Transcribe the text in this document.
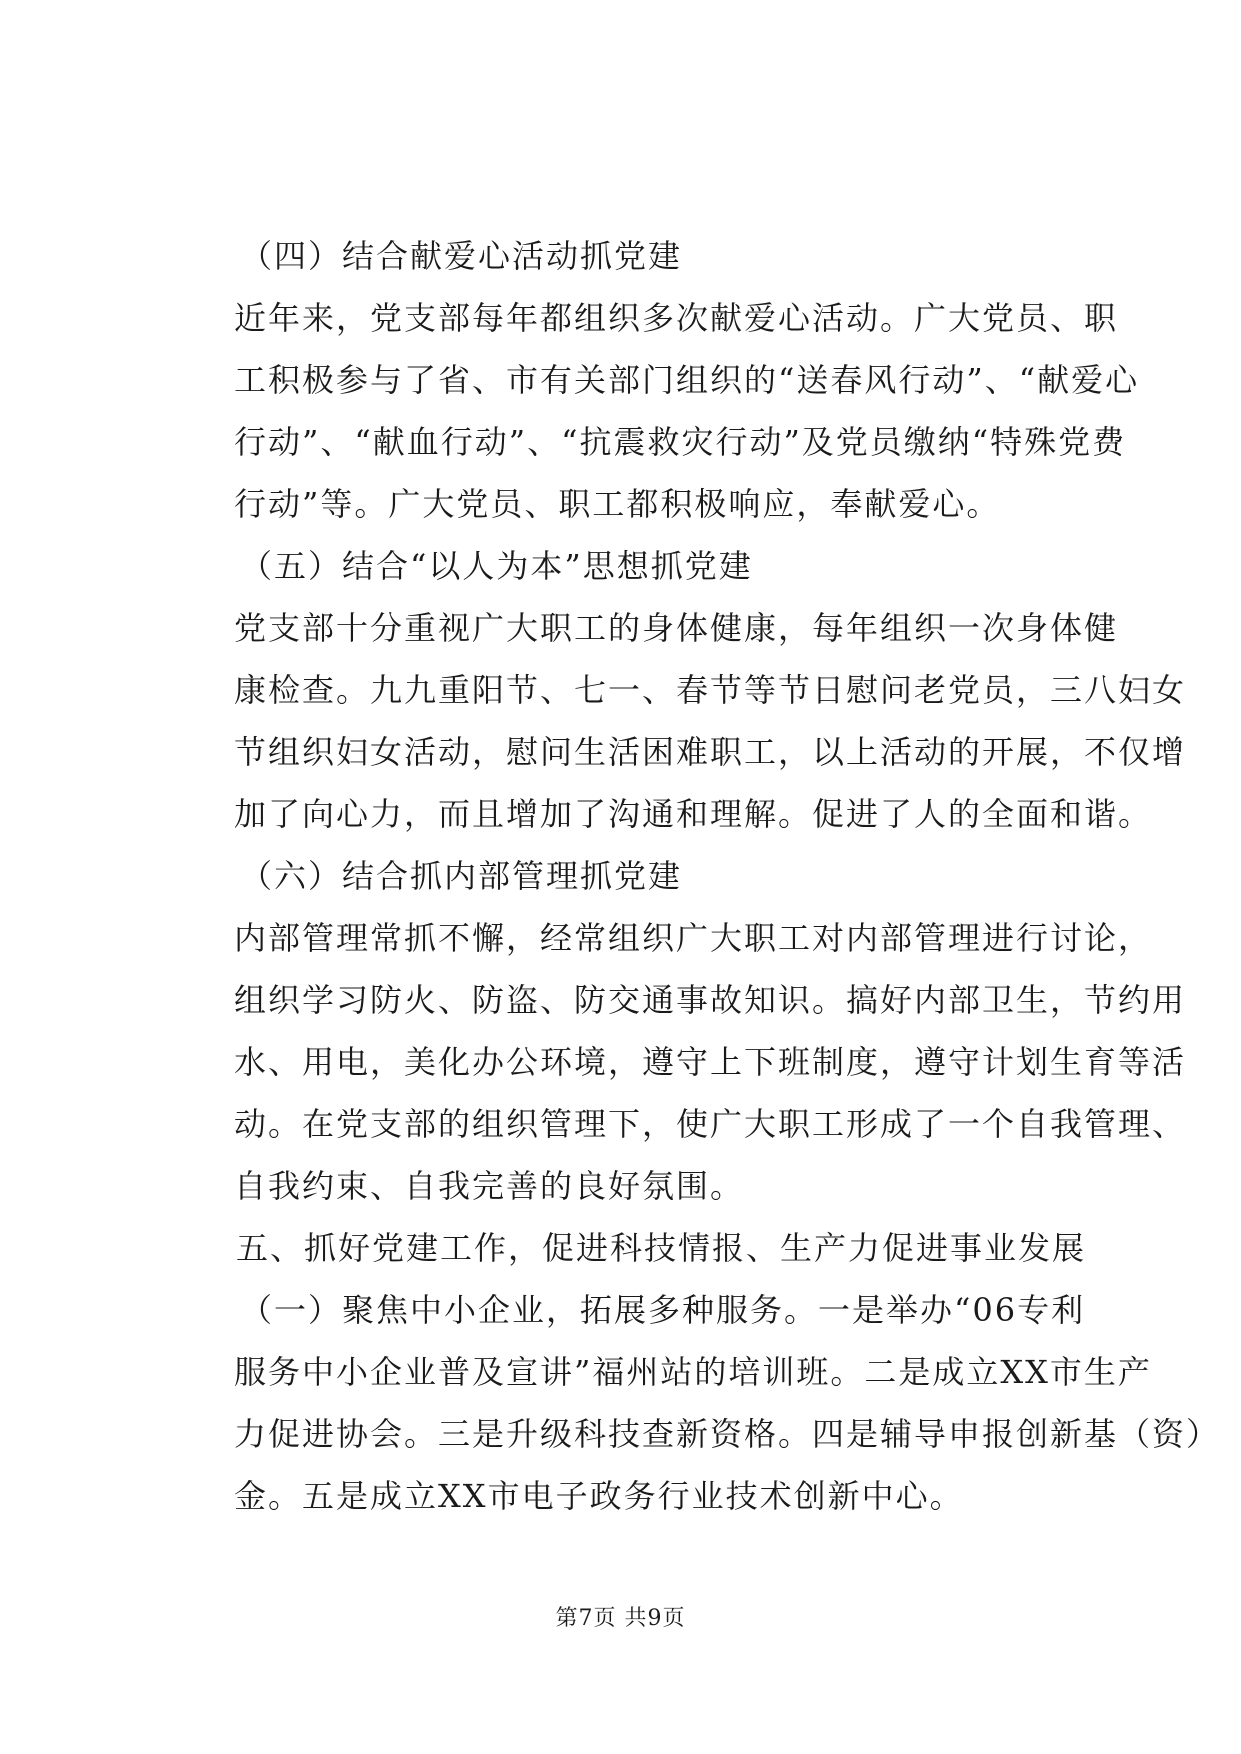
（四）结合献爱心活动抓党建
近年来，党支部每年都组织多次献爱心活动。广大党员、职
工积极参与了省、市有关部门组织的“送春风行动”、“献爱心
行动”、“献血行动”、“抗震救灾行动”及党员缴纳“特殊党费
行动”等。广大党员、职工都积极响应，奉献爱心。
（五）结合“以人为本”思想抓党建
党支部十分重视广大职工的身体健康，每年组织一次身体健
康检查。九九重阳节、七一、春节等节日慰问老党员，三八妇女
节组织妇女活动，慰问生活困难职工，以上活动的开展，不仅增
加了向心力，而且增加了沟通和理解。促进了人的全面和谐。
（六）结合抓内部管理抓党建
内部管理常抓不懈，经常组织广大职工对内部管理进行讨论，
组织学习防火、防盗、防交通事故知识。搞好内部卫生，节约用
水、用电，美化办公环境，遵守上下班制度，遵守计划生育等活
动。在党支部的组织管理下，使广大职工形成了一个自我管理、
自我约束、自我完善的良好氛围。
五、抓好党建工作，促进科技情报、生产力促进事业发展
（一）聚焦中小企业，拓展多种服务。一是举办“06专利
服务中小企业普及宣讲”福州站的培训班。二是成立XX市生产
力促进协会。三是升级科技查新资格。四是辅导申报创新基（资）
金。五是成立XX市电子政务行业技术创新中心。
第7页 共9页
